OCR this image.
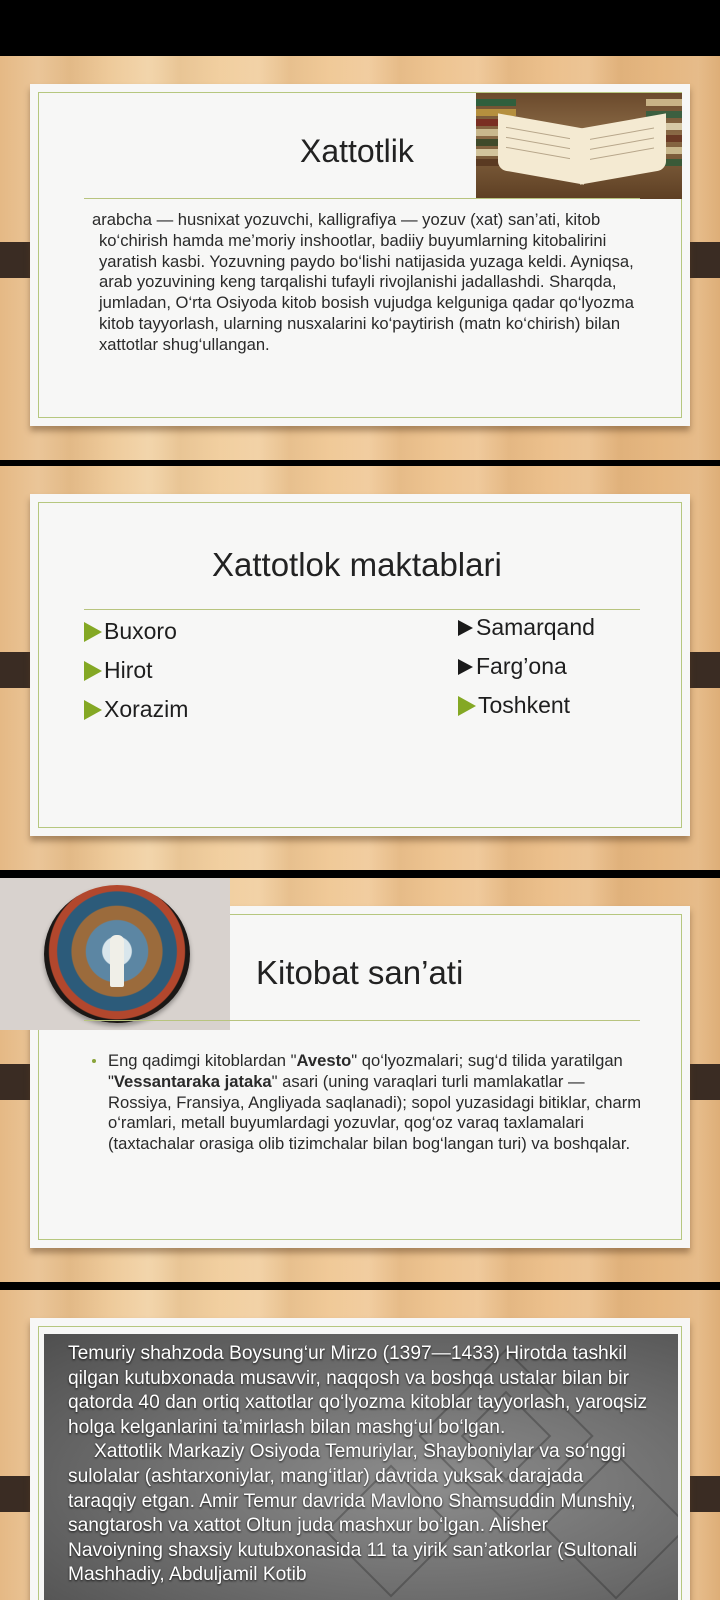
Xattotlik
arabcha — husnixat yozuvchi, kalligrafiya — yozuv (xat) san’ati, kitob ko‘chirish hamda me’moriy inshootlar, badiiy buyumlarning kitobalirini yaratish kasbi. Yozuvning paydo bo‘lishi natijasida yuzaga keldi. Ayniqsa, arab yozuvining keng tarqalishi tufayli rivojlanishi jadallashdi. Sharqda, jumladan, O‘rta Osiyoda kitob bosish vujudga kelguniga qadar qo‘lyozma kitob tayyorlash, ularning nusxalarini ko‘paytirish (matn ko‘chirish) bilan xattotlar shug‘ullangan.
Xattotlok maktablari
Buxoro
Hirot
Xorazim
Samarqand
Farg’ona
Toshkent
Kitobat san’ati
Eng qadimgi kitoblardan "Avesto" qo‘lyozmalari; sug‘d tilida yaratilgan "Vessantaraka jataka" asari (uning varaqlari turli mamlakatlar — Rossiya, Fransiya, Angliyada saqlanadi); sopol yuzasidagi bitiklar, charm o‘ramlari, metall buyumlardagi yozuvlar, qog‘oz varaq taxlamalari (taxtachalar orasiga olib tizimchalar bilan bog‘langan turi) va boshqalar.

Temuriy shahzoda Boysung‘ur Mirzo (1397—1433) Hirotda tashkil qilgan kutubxonada musavvir, naqqosh va boshqa ustalar bilan bir qatorda 40 dan ortiq xattotlar qo‘lyozma kitoblar tayyorlash, yaroqsiz holga kelganlarini ta’mirlash bilan mashg‘ul bo‘lgan.

Xattotlik Markaziy Osiyoda Temuriylar, Shayboniylar va so‘nggi sulolalar (ashtarxoniylar, mang‘itlar) davrida yuksak darajada taraqqiy etgan. Amir Temur davrida Mavlono Shamsuddin Munshiy, sangtarosh va xattot Oltun juda mashxur bo‘lgan. Alisher Navoiyning shaxsiy kutubxonasida 11 ta yirik san’atkorlar (Sultonali Mashhadiy, Abduljamil Kotib
